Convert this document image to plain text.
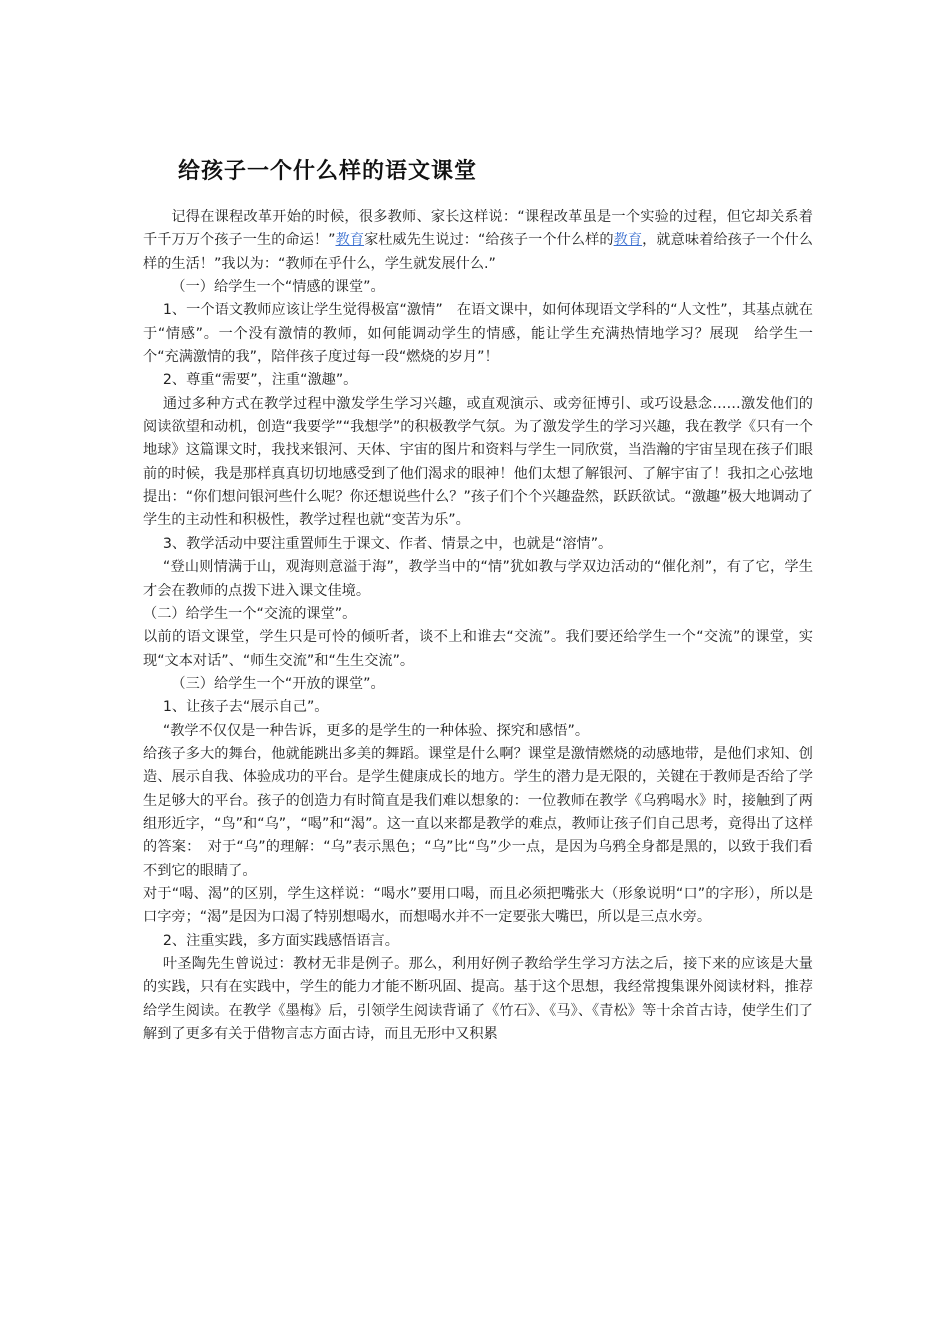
给孩子一个什么样的语文课堂

记得在课程改革开始的时候，很多教师、家长这样说：“课程改革虽是一个实验的过程，但它却关系着千千万万个孩子一生的命运！”教育家杜威先生说过：“给孩子一个什么样的教育，就意味着给孩子一个什么样的生活！”我以为：“教师在乎什么，学生就发展什么.”

（一）给学生一个“情感的课堂”。

1、一个语文教师应该让学生觉得极富“激情”　在语文课中，如何体现语文学科的“人文性”，其基点就在于“情感”。一个没有激情的教师，如何能调动学生的情感，能让学生充满热情地学习？展现　给学生一个“充满激情的我”，陪伴孩子度过每一段“燃烧的岁月”！

2、尊重“需要”，注重“激趣”。

通过多种方式在教学过程中激发学生学习兴趣，或直观演示、或旁征博引、或巧设悬念……激发他们的阅读欲望和动机，创造“我要学”“我想学”的积极教学气氛。为了激发学生的学习兴趣，我在教学《只有一个地球》这篇课文时，我找来银河、天体、宇宙的图片和资料与学生一同欣赏，当浩瀚的宇宙呈现在孩子们眼前的时候，我是那样真真切切地感受到了他们渴求的眼神！他们太想了解银河、了解宇宙了！我扣之心弦地提出：“你们想问银河些什么呢？你还想说些什么？”孩子们个个兴趣盎然，跃跃欲试。“激趣”极大地调动了学生的主动性和积极性，教学过程也就“变苦为乐”。

3、教学活动中要注重置师生于课文、作者、情景之中，也就是“溶情”。

“登山则情满于山，观海则意溢于海”，教学当中的“情”犹如教与学双边活动的“催化剂”，有了它，学生才会在教师的点拨下进入课文佳境。

（二）给学生一个“交流的课堂”。

以前的语文课堂，学生只是可怜的倾听者，谈不上和谁去“交流”。我们要还给学生一个“交流”的课堂，实现“文本对话”、“师生交流”和“生生交流”。

（三）给学生一个“开放的课堂”。

1、让孩子去“展示自己”。

“教学不仅仅是一种告诉，更多的是学生的一种体验、探究和感悟”。

给孩子多大的舞台，他就能跳出多美的舞蹈。课堂是什么啊？课堂是激情燃烧的动感地带，是他们求知、创造、展示自我、体验成功的平台。是学生健康成长的地方。学生的潜力是无限的，关键在于教师是否给了学生足够大的平台。孩子的创造力有时简直是我们难以想象的：一位教师在教学《乌鸦喝水》时，接触到了两组形近字，“鸟”和“乌”，“喝”和“渴”。这一直以来都是教学的难点，教师让孩子们自己思考，竟得出了这样的答案：　对于“乌”的理解：“乌”表示黑色；“乌”比“鸟”少一点，是因为乌鸦全身都是黑的，以致于我们看不到它的眼睛了。

对于“喝、渴”的区别，学生这样说：“喝水”要用口喝，而且必须把嘴张大（形象说明“口”的字形），所以是口字旁；“渴”是因为口渴了特别想喝水，而想喝水并不一定要张大嘴巴，所以是三点水旁。

2、注重实践，多方面实践感悟语言。

叶圣陶先生曾说过：教材无非是例子。那么，利用好例子教给学生学习方法之后，接下来的应该是大量的实践，只有在实践中，学生的能力才能不断巩固、提高。基于这个思想，我经常搜集课外阅读材料，推荐给学生阅读。在教学《墨梅》后，引领学生阅读背诵了《竹石》、《马》、《青松》等十余首古诗，使学生们了解到了更多有关于借物言志方面古诗，而且无形中又积累
